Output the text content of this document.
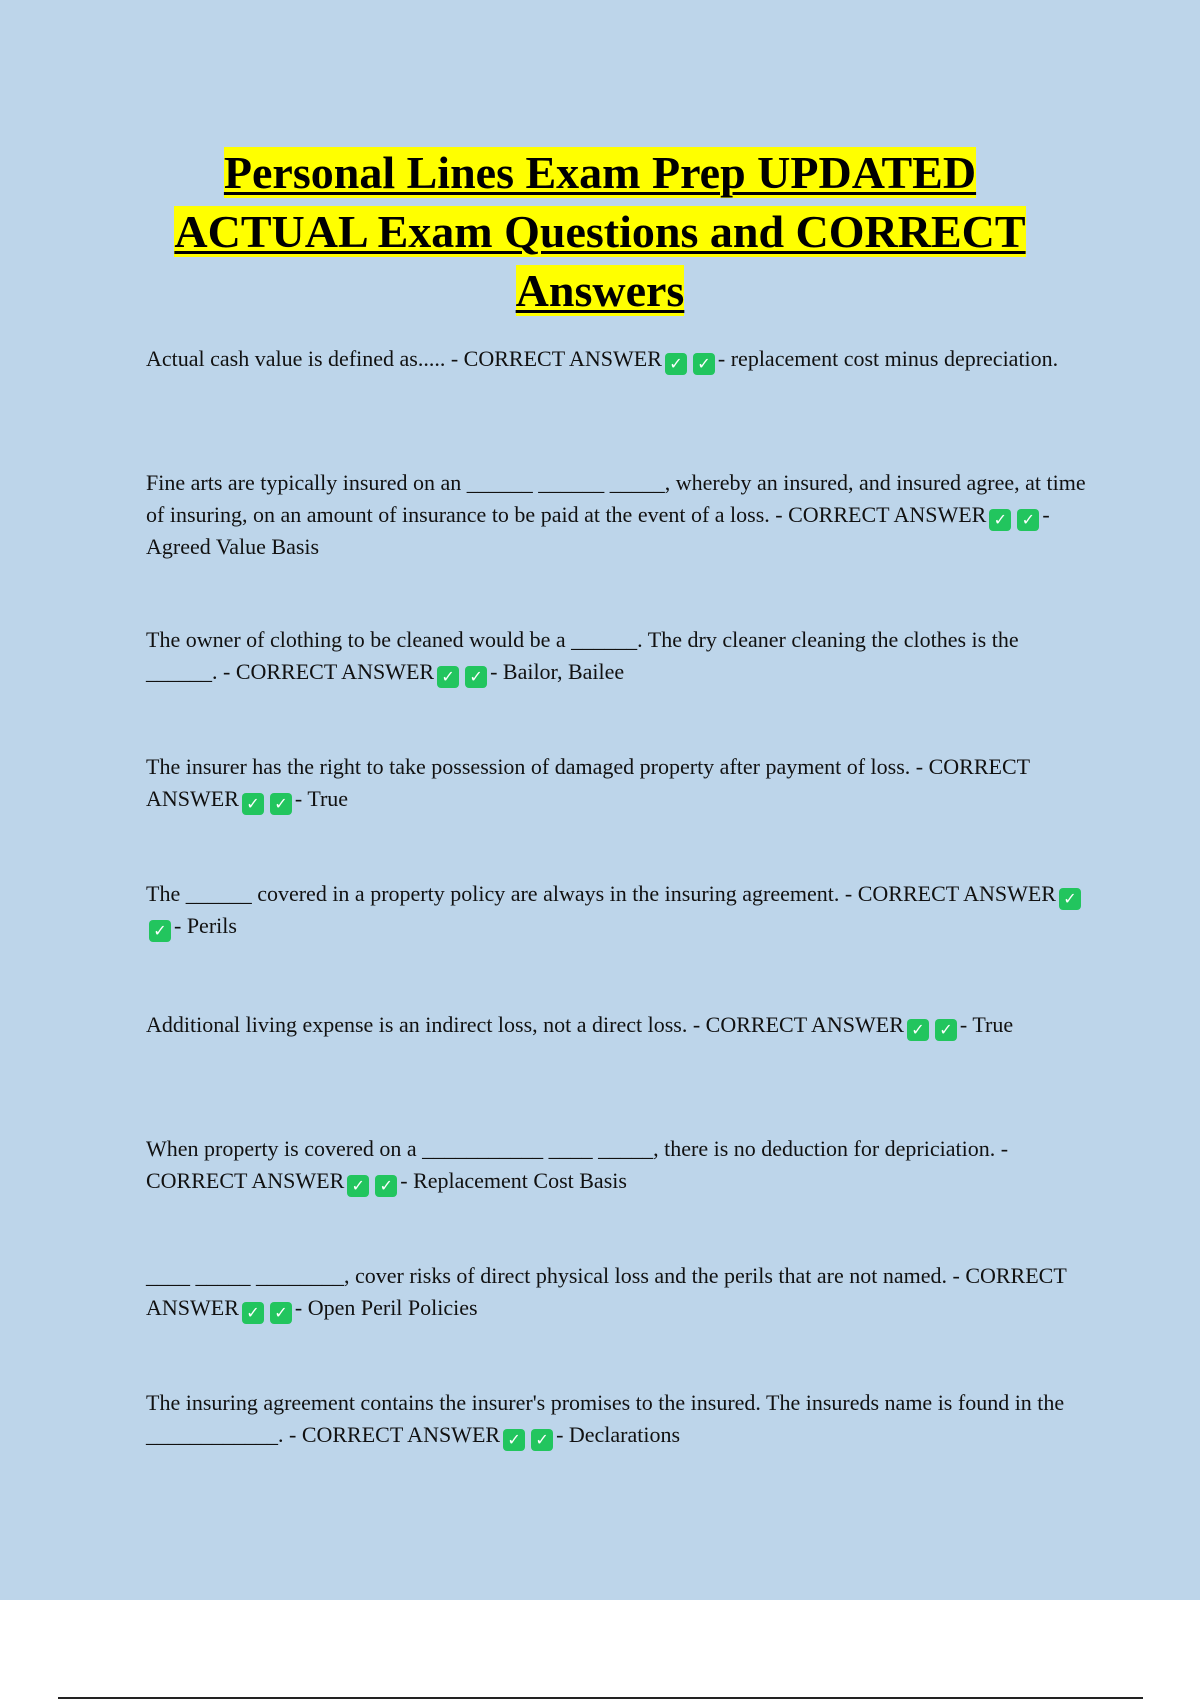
Personal Lines Exam Prep UPDATED
ACTUAL Exam Questions and CORRECT
Answers

Actual cash value is defined as..... - CORRECT ANSWER ✓ ✓ - replacement cost minus depreciation.

Fine arts are typically insured on an ______ ______ _____, whereby an insured, and insured agree, at time of insuring, on an amount of insurance to be paid at the event of a loss. - CORRECT ANSWER ✓ ✓ - Agreed Value Basis

The owner of clothing to be cleaned would be a ______. The dry cleaner cleaning the clothes is the ______. - CORRECT ANSWER ✓ ✓ - Bailor, Bailee

The insurer has the right to take possession of damaged property after payment of loss. - CORRECT ANSWER ✓ ✓ - True

The ______ covered in a property policy are always in the insuring agreement. - CORRECT ANSWER ✓✓ - Perils

Additional living expense is an indirect loss, not a direct loss. - CORRECT ANSWER ✓ ✓ - True

When property is covered on a ___________ ____ _____, there is no deduction for depriciation. - CORRECT ANSWER ✓ ✓ - Replacement Cost Basis

____ _____ ________, cover risks of direct physical loss and the perils that are not named. - CORRECT ANSWER ✓ ✓ - Open Peril Policies

The insuring agreement contains the insurer's promises to the insured. The insureds name is found in the ____________. - CORRECT ANSWER ✓ ✓ - Declarations
